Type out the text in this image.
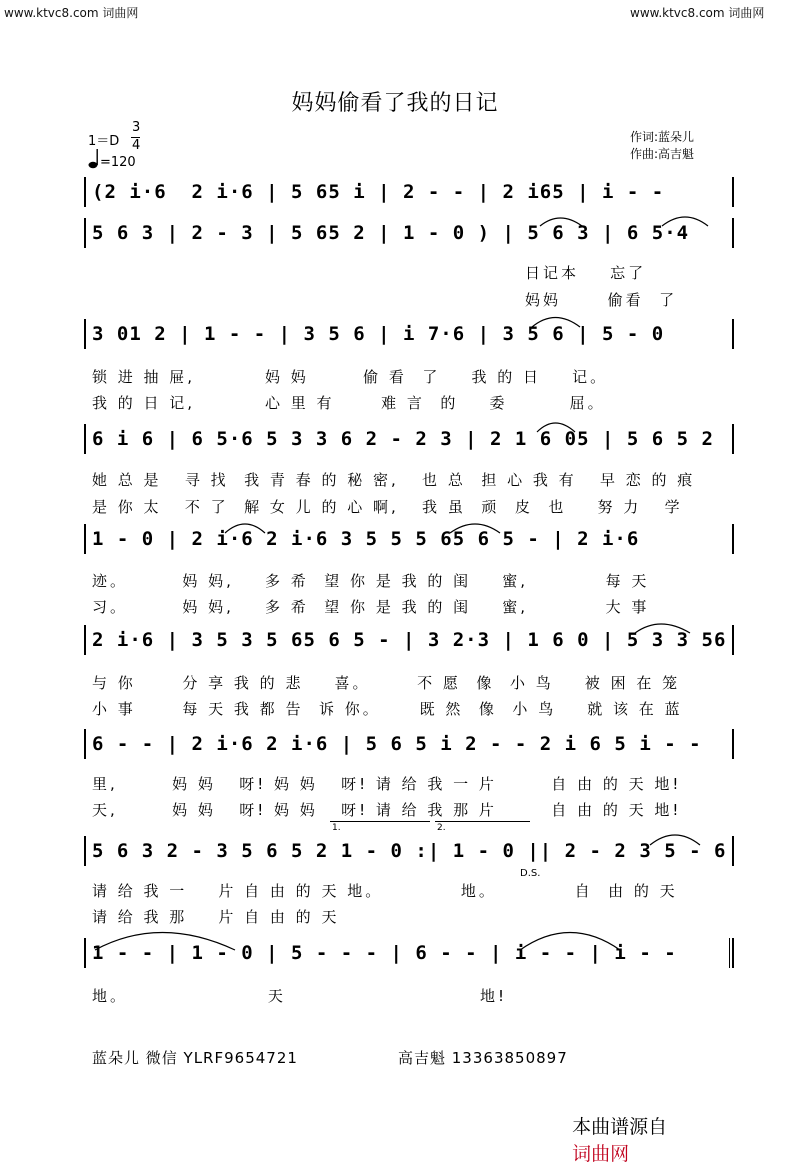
www.ktvc8.com 词曲网	www.ktvc8.com 词曲网
妈妈偷看了我的日记
1＝D
3
4
=120
作词:蓝朵儿
作曲:高吉魁
(2 i·6  2 i·6 | 5 65 i | 2 - - | 2 i65 | i - -
5 6 3 | 2 - 3 | 5 65 2 | 1 - 0 ) | 5 6 3 | 6 5·4
3 01 2 | 1 - - | 3 5 6 | i 7·6 | 3 5 6 | 5 - 0
6 i 6 | 6 5·6 5 3 3 6 2 - 2 3 | 2 1 6 05 | 5 6 5 2
1 - 0 | 2 i·6 2 i·6 3 5 5 5 65 6 5 - | 2 i·6
2 i·6 | 3 5 3 5 65 6 5 - | 3 2·3 | 1 6 0 | 5 3 3 56
6 - - | 2 i·6 2 i·6 | 5 6 5 i 2 - - 2 i 6 5 i - -
5 6 3 2 - 3 5 6 5 2 1 - 0 :| 1 - 0 || 2 - 2 3 5 - 6
1 - - | 1 - 0 | 5 - - - | 6 - - | i - - | i - -
1.	2.
D.S.
日记本    忘了
妈妈      偷看  了
锁 进 抽 屉,         妈 妈       偷 看  了    我 的 日    记。
我 的 日 记,         心 里 有      难 言  的    委        屈。
她 总 是   寻 找  我 青 春 的 秘 密,   也 总  担 心 我 有   早 恋 的 痕
是 你 太   不 了  解 女 儿 的 心 啊,   我 虽  顽  皮  也    努 力   学
迹。       妈 妈,    多 希  望 你 是 我 的 闺    蜜,          每 天
习。       妈 妈,    多 希  望 你 是 我 的 闺    蜜,          大 事
与 你      分 享 我 的 悲    喜。      不 愿  像  小 鸟    被 困 在 笼
小 事      每 天 我 都 告  诉 你。     既 然  像  小 鸟    就 该 在 蓝
里,       妈 妈   呀! 妈 妈   呀! 请 给 我 一 片       自 由 的 天 地!
天,       妈 妈   呀! 妈 妈   呀! 请 给 我 那 片       自 由 的 天 地!
请 给 我 一    片 自 由 的 天 地。          地。          自  由 的 天
请 给 我 那    片 自 由 的 天
地。                  天                         地!
蓝朵儿 微信 YLRF9654721	高吉魁 13363850897

本曲谱源自
词曲网
